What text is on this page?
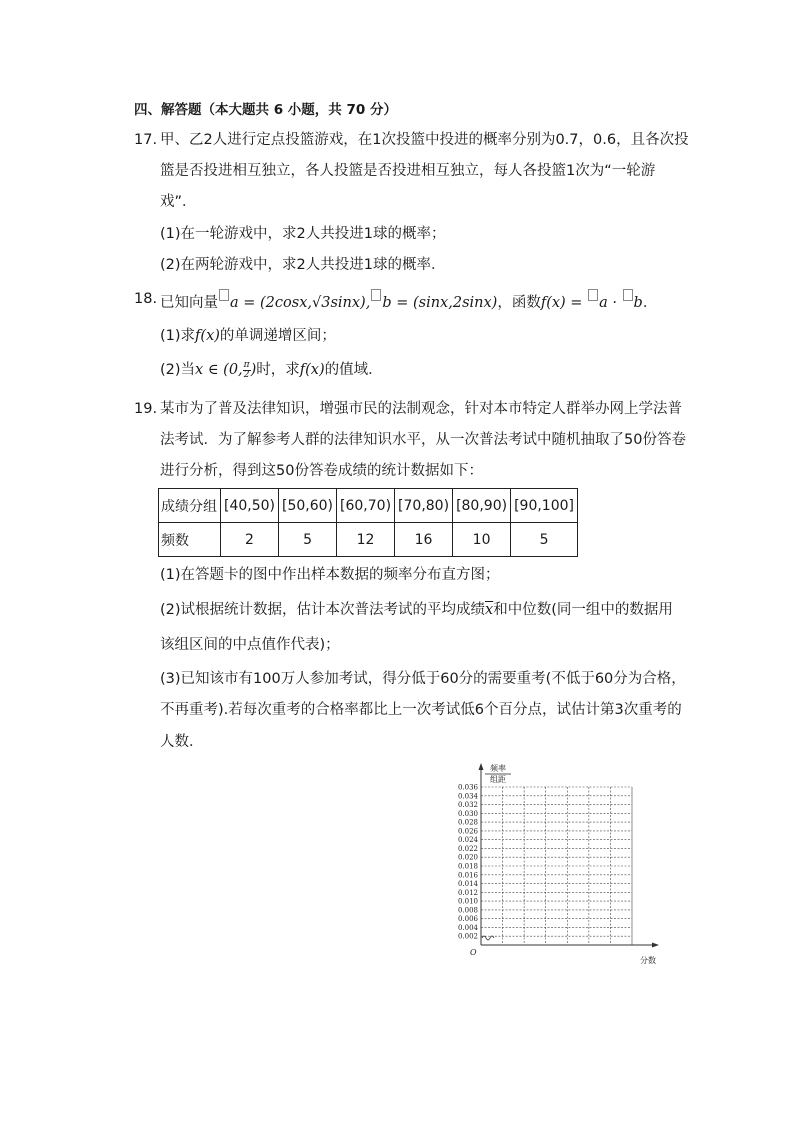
四、解答题（本大题共 6 小题，共 70 分）
17. 甲、乙2人进行定点投篮游戏，在1次投篮中投进的概率分别为0.7，0.6，且各次投
篮是否投进相互独立，各人投篮是否投进相互独立，每人各投篮1次为“一轮游
戏”．
(1)在一轮游戏中，求2人共投进1球的概率；
(2)在两轮游戏中，求2人共投进1球的概率．
18. 已知向量 a = (2cosx,√3sinx), b = (sinx,2sinx)，函数f(x) = a · b．
(1)求f(x)的单调递增区间；
(2)当x ∈ (0, $\frac{\pi}{2}$ )时，求f(x)的值域．
19. 某市为了普及法律知识，增强市民的法制观念，针对本市特定人群举办网上学法普
法考试．为了解参考人群的法律知识水平，从一次普法考试中随机抽取了50份答卷
进行分析，得到这50份答卷成绩的统计数据如下：
成绩分组	[40,50)	[50,60)	[60,70)	[70,80)	[80,90)	[90,100]
频数	2	5	12	16	10	5
(1)在答题卡的图中作出样本数据的频率分布直方图；
(2)试根据统计数据，估计本次普法考试的平均成绩$\overline{x}$和中位数(同一组中的数据用
该组区间的中点值作代表)；
(3)已知该市有100万人参加考试，得分低于60分的需要重考(不低于60分为合格，
不再重考).若每次重考的合格率都比上一次考试低6个百分点，试估计第3次重考的
人数．
0.036
0.034
0.032
0.030
0.028
0.026
0.024
0.022
0.020
0.018
0.016
0.014
0.012
0.010
0.008
0.006
0.004
0.002
频率
组距
O
分数
